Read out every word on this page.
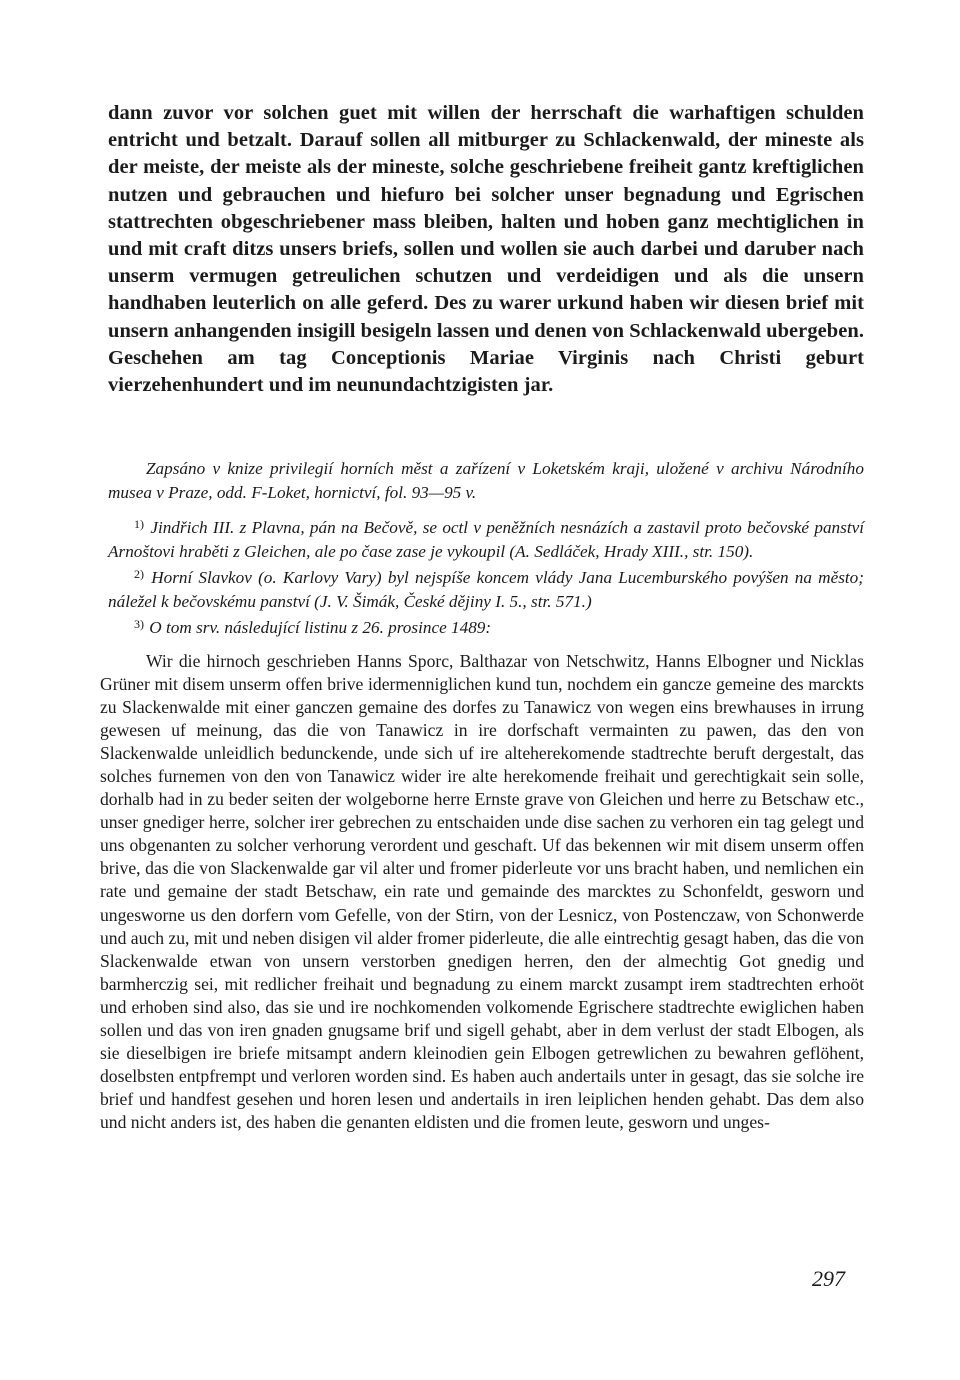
dann zuvor vor solchen guet mit willen der herrschaft die warhaftigen schulden entricht und betzalt. Darauf sollen all mitburger zu Schlackenwald, der mineste als der meiste, der meiste als der mineste, solche geschriebene freiheit gantz kreftiglichen nutzen und gebrauchen und hiefuro bei solcher unser begnadung und Egrischen stattrechten obgeschriebener mass bleiben, halten und hoben ganz mechtiglichen in und mit craft ditzs unsers briefs, sollen und wollen sie auch darbei und daruber nach unserm vermugen getreulichen schutzen und verdeidigen und als die unsern handhaben leuterlich on alle geferd. Des zu warer urkund haben wir diesen brief mit unsern anhangenden insigill besigeln lassen und denen von Schlackenwald ubergeben. Geschehen am tag Conceptionis Mariae Virginis nach Christi geburt vierzehenhundert und im neunundachtzigisten jar.

Zapsáno v knize privilegií horních měst a zařízení v Loketském kraji, uložené v archivu Národního musea v Praze, odd. F-Loket, hornictví, fol. 93—95 v.

$^{1)}$ Jindřich III. z Plavna, pán na Bečově, se octl v peněžních nesnázích a zastavil proto bečovské panství Arnoštovi hraběti z Gleichen, ale po čase zase je vykoupil (A. Sedláček, Hrady XIII., str. 150).

$^{2)}$ Horní Slavkov (o. Karlovy Vary) byl nejspíše koncem vlády Jana Lucemburského povýšen na město; náležel k bečovskému panství (J. V. Šimák, České dějiny I. 5., str. 571.)

$^{3)}$ O tom srv. následující listinu z 26. prosince 1489:

Wir die hirnoch geschrieben Hanns Sporc, Balthazar von Netschwitz, Hanns Elbogner und Nicklas Grüner mit disem unserm offen brive idermenniglichen kund tun, nochdem ein gancze gemeine des marckts zu Slackenwalde mit einer ganczen gemaine des dorfes zu Tanawicz von wegen eins brewhauses in irrung gewesen uf meinung, das die von Tanawicz in ire dorfschaft vermainten zu pawen, das den von Slackenwalde unleidlich bedunckende, unde sich uf ire alteherekomende stadtrechte beruft dergestalt, das solches furnemen von den von Tanawicz wider ire alte herekomende freihait und gerechtigkait sein solle, dorhalb had in zu beder seiten der wolgeborne herre Ernste grave von Gleichen und herre zu Betschaw etc., unser gnediger herre, solcher irer gebrechen zu entschaiden unde dise sachen zu verhoren ein tag gelegt und uns obgenanten zu solcher verhorung verordent und geschaft. Uf das bekennen wir mit disem unserm offen brive, das die von Slackenwalde gar vil alter und fromer piderleute vor uns bracht haben, und nemlichen ein rate und gemaine der stadt Betschaw, ein rate und gemainde des marcktes zu Schonfeldt, gesworn und ungesworne us den dorfern vom Gefelle, von der Stirn, von der Lesnicz, von Postenczaw, von Schonwerde und auch zu, mit und neben disigen vil alder fromer piderleute, die alle eintrechtig gesagt haben, das die von Slackenwalde etwan von unsern verstorben gnedigen herren, den der almechtig Got gnedig und barmherczig sei, mit redlicher freihait und begnadung zu einem marckt zusampt irem stadtrechten erhoöt und erhoben sind also, das sie und ire nochkomenden volkomende Egrischere stadtrechte ewiglichen haben sollen und das von iren gnaden gnugsame brif und sigell gehabt, aber in dem verlust der stadt Elbogen, als sie dieselbigen ire briefe mitsampt andern kleinodien gein Elbogen getrewlichen zu bewahren geflöhent, doselbsten entpfrempt und verloren worden sind. Es haben auch andertails unter in gesagt, das sie solche ire brief und handfest gesehen und horen lesen und andertails in iren leiplichen henden gehabt. Das dem also und nicht anders ist, des haben die genanten eldisten und die fromen leute, gesworn und unges-

297
